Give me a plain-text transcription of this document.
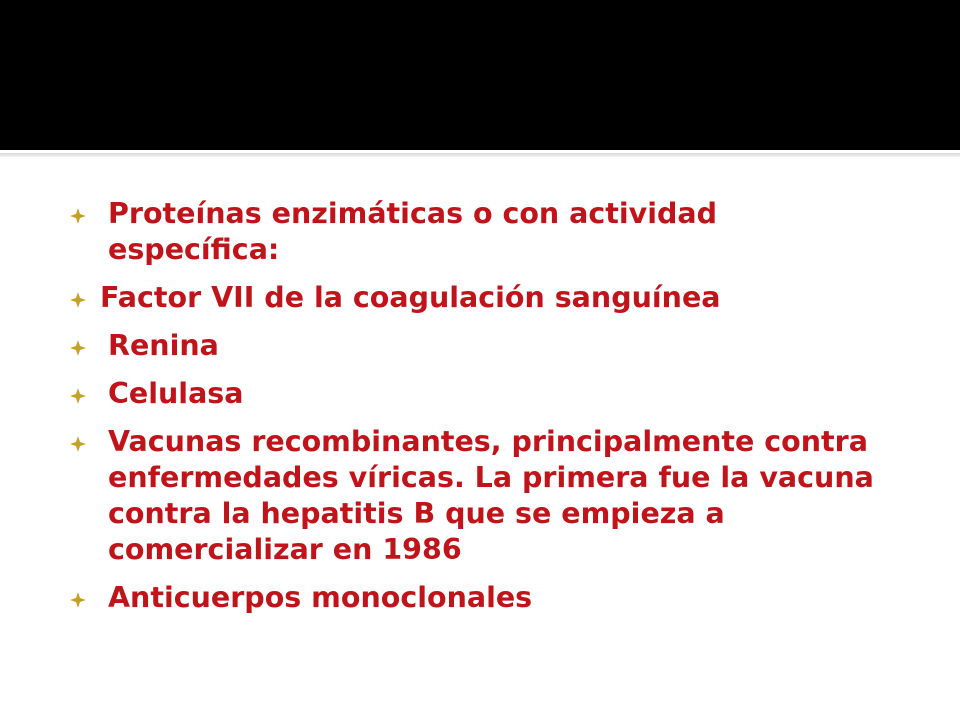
Proteínas enzimáticas o con actividad específica:
Factor VII de la coagulación sanguínea
Renina
Celulasa
Vacunas recombinantes, principalmente contra enfermedades víricas. La primera fue la vacuna contra la hepatitis B que se empieza a comercializar en 1986
Anticuerpos monoclonales
